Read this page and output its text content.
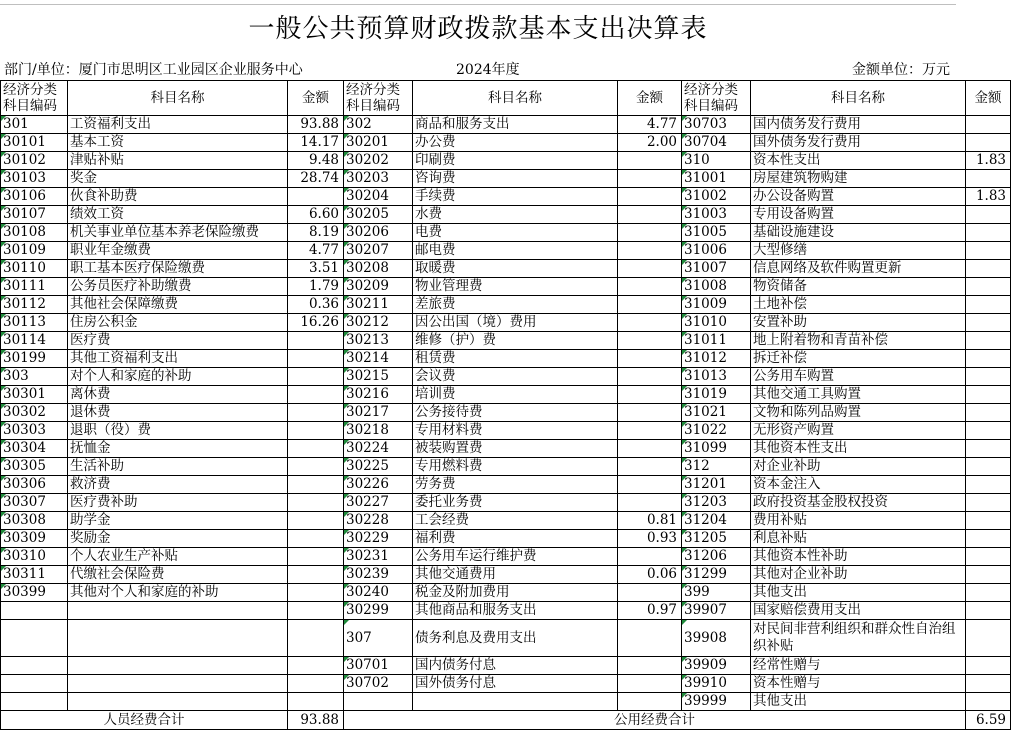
一般公共预算财政拨款基本支出决算表
部门/单位：厦门市思明区工业园区企业服务中心	2024年度	金额单位：万元
经济分类科目编码	科目名称	金额	经济分类科目编码	科目名称	金额	经济分类科目编码	科目名称	金额
301	工资福利支出	93.88	302	商品和服务支出	4.77	30703	国内债务发行费用	
30101	基本工资	14.17	30201	办公费	2.00	30704	国外债务发行费用	
30102	津贴补贴	9.48	30202	印刷费		310	资本性支出	1.83
30103	奖金	28.74	30203	咨询费		31001	房屋建筑物购建	
30106	伙食补助费		30204	手续费		31002	办公设备购置	1.83
30107	绩效工资	6.60	30205	水费		31003	专用设备购置	
30108	机关事业单位基本养老保险缴费	8.19	30206	电费		31005	基础设施建设	
30109	职业年金缴费	4.77	30207	邮电费		31006	大型修缮	
30110	职工基本医疗保险缴费	3.51	30208	取暖费		31007	信息网络及软件购置更新	
30111	公务员医疗补助缴费	1.79	30209	物业管理费		31008	物资储备	
30112	其他社会保障缴费	0.36	30211	差旅费		31009	土地补偿	
30113	住房公积金	16.26	30212	因公出国（境）费用		31010	安置补助	
30114	医疗费		30213	维修（护）费		31011	地上附着物和青苗补偿	
30199	其他工资福利支出		30214	租赁费		31012	拆迁补偿	
303	对个人和家庭的补助		30215	会议费		31013	公务用车购置	
30301	离休费		30216	培训费		31019	其他交通工具购置	
30302	退休费		30217	公务接待费		31021	文物和陈列品购置	
30303	退职（役）费		30218	专用材料费		31022	无形资产购置	
30304	抚恤金		30224	被装购置费		31099	其他资本性支出	
30305	生活补助		30225	专用燃料费		312	对企业补助	
30306	救济费		30226	劳务费		31201	资本金注入	
30307	医疗费补助		30227	委托业务费		31203	政府投资基金股权投资	
30308	助学金		30228	工会经费	0.81	31204	费用补贴	
30309	奖励金		30229	福利费	0.93	31205	利息补贴	
30310	个人农业生产补贴		30231	公务用车运行维护费		31206	其他资本性补助	
30311	代缴社会保险费		30239	其他交通费用	0.06	31299	其他对企业补助	
30399	其他对个人和家庭的补助		30240	税金及附加费用		399	其他支出	
			30299	其他商品和服务支出	0.97	39907	国家赔偿费用支出	
			307	债务利息及费用支出		39908	对民间非营利组织和群众性自治组织补贴	
			30701	国内债务付息		39909	经常性赠与	
			30702	国外债务付息		39910	资本性赠与	
						39999	其他支出	
人员经费合计		93.88	公用经费合计					6.59
